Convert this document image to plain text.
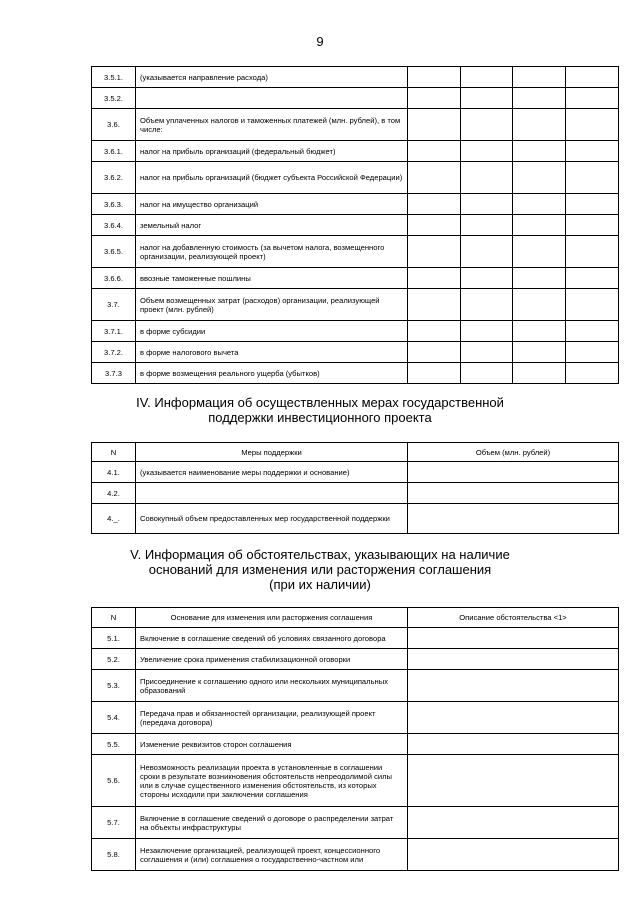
9
3.5.1.	(указывается направление расхода)				
3.5.2.					
3.6.	Объем уплаченных налогов и таможенных платежей (млн. рублей), в том числе:				
3.6.1.	налог на прибыль организаций (федеральный бюджет)				
3.6.2.	налог на прибыль организаций (бюджет субъекта Российской Федерации)				
3.6.3.	налог на имущество организаций				
3.6.4.	земельный налог				
3.6.5.	налог на добавленную стоимость (за вычетом налога, возмещенного организации, реализующей проект)				
3.6.6.	ввозные таможенные пошлины				
3.7.	Объем возмещенных затрат (расходов) организации, реализующей проект (млн. рублей)				
3.7.1.	в форме субсидии				
3.7.2.	в форме налогового вычета				
3.7.3	в форме возмещения реального ущерба (убытков)				
IV. Информация об осуществленных мерах государственной
поддержки инвестиционного проекта
N	Меры поддержки	Объем (млн. рублей)
4.1.	(указывается наименование меры поддержки и основание)	
4.2.		
4._.	Совокупный объем предоставленных мер государственной поддержки	
V. Информация об обстоятельствах, указывающих на наличие
оснований для изменения или расторжения соглашения
(при их наличии)
N	Основание для изменения или расторжения соглашения	Описание обстоятельства <1>
5.1.	Включение в соглашение сведений об условиях связанного договора	
5.2.	Увеличение срока применения стабилизационной оговорки	
5.3.	Присоединение к соглашению одного или нескольких муниципальных образований	
5.4.	Передача прав и обязанностей организации, реализующей проект (передача договора)	
5.5.	Изменение реквизитов сторон соглашения	
5.6.	Невозможность реализации проекта в установленные в соглашении сроки в результате возникновения обстоятельств непреодолимой силы или в случае существенного изменения обстоятельств, из которых стороны исходили при заключении соглашения	
5.7.	Включение в соглашение сведений о договоре о распределении затрат на объекты инфраструктуры	
5.8.	Незаключение организацией, реализующей проект, концессионного соглашения и (или) соглашения о государственно-частном или	
